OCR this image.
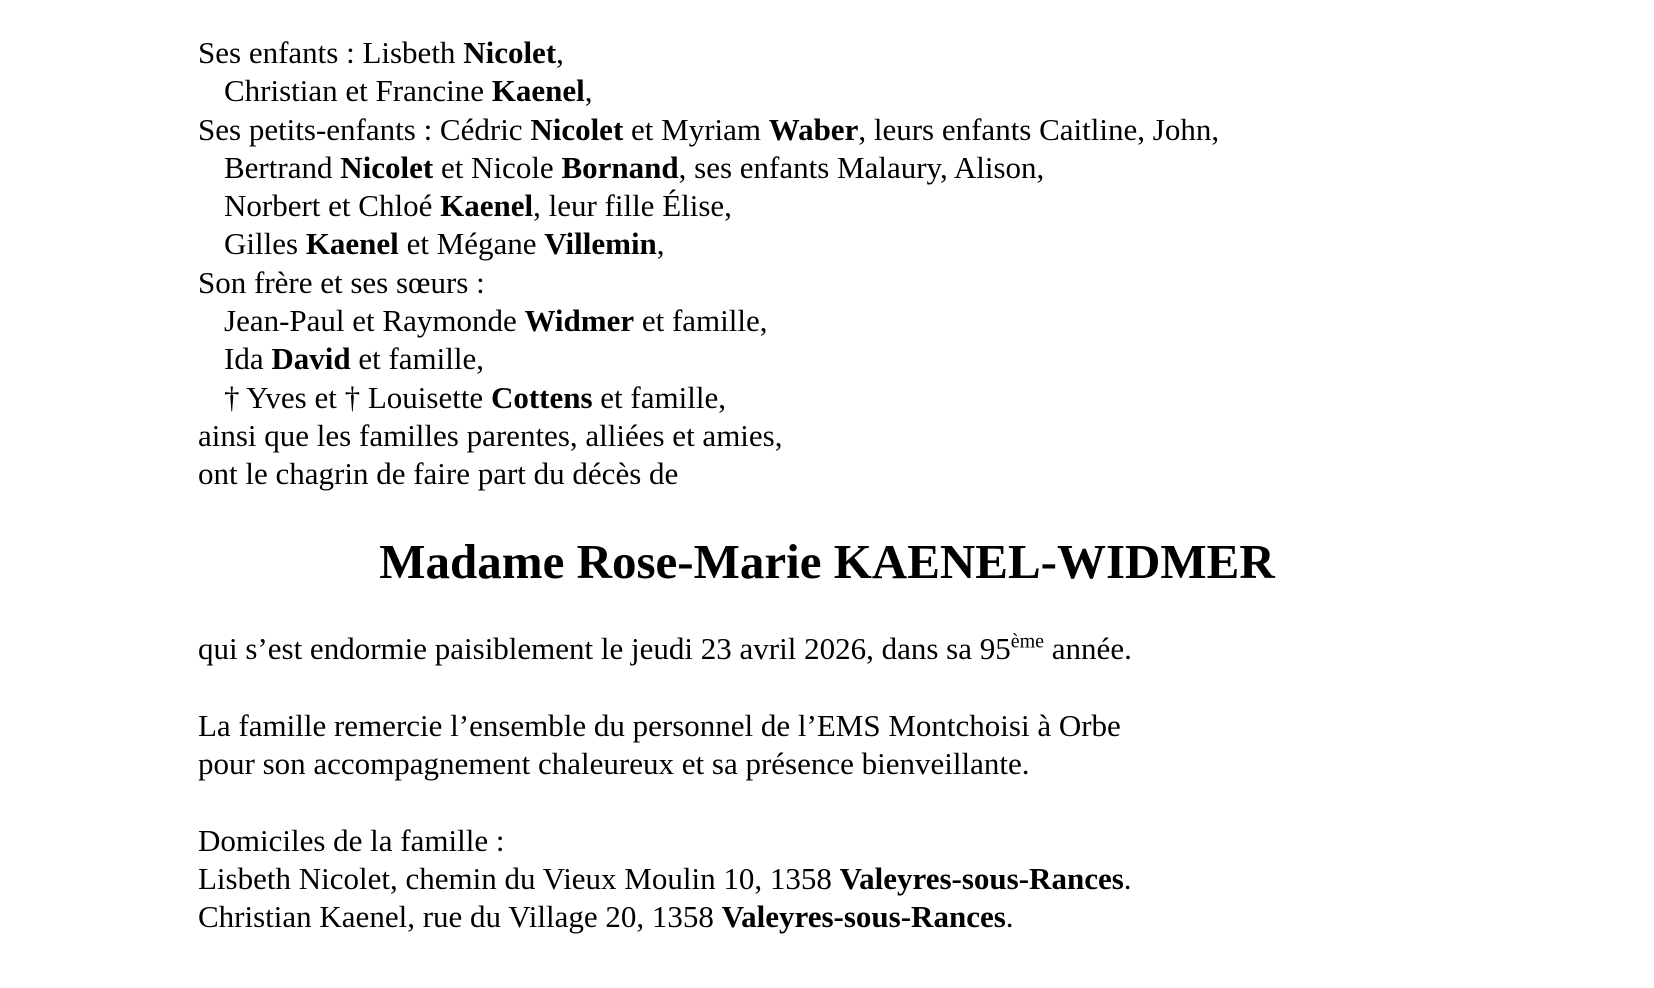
Ses enfants : Lisbeth Nicolet,
Christian et Francine Kaenel,
Ses petits-enfants : Cédric Nicolet et Myriam Waber, leurs enfants Caitline, John,
Bertrand Nicolet et Nicole Bornand, ses enfants Malaury, Alison,
Norbert et Chloé Kaenel, leur fille Élise,
Gilles Kaenel et Mégane Villemin,
Son frère et ses sœurs :
Jean-Paul et Raymonde Widmer et famille,
Ida David et famille,
† Yves et † Louisette Cottens et famille,
ainsi que les familles parentes, alliées et amies,
ont le chagrin de faire part du décès de
Madame Rose-Marie KAENEL-WIDMER
qui s’est endormie paisiblement le jeudi 23 avril 2026, dans sa 95ème année.
La famille remercie l’ensemble du personnel de l’EMS Montchoisi à Orbe
pour son accompagnement chaleureux et sa présence bienveillante.
Domiciles de la famille :
Lisbeth Nicolet, chemin du Vieux Moulin 10, 1358 Valeyres-sous-Rances.
Christian Kaenel, rue du Village 20, 1358 Valeyres-sous-Rances.
